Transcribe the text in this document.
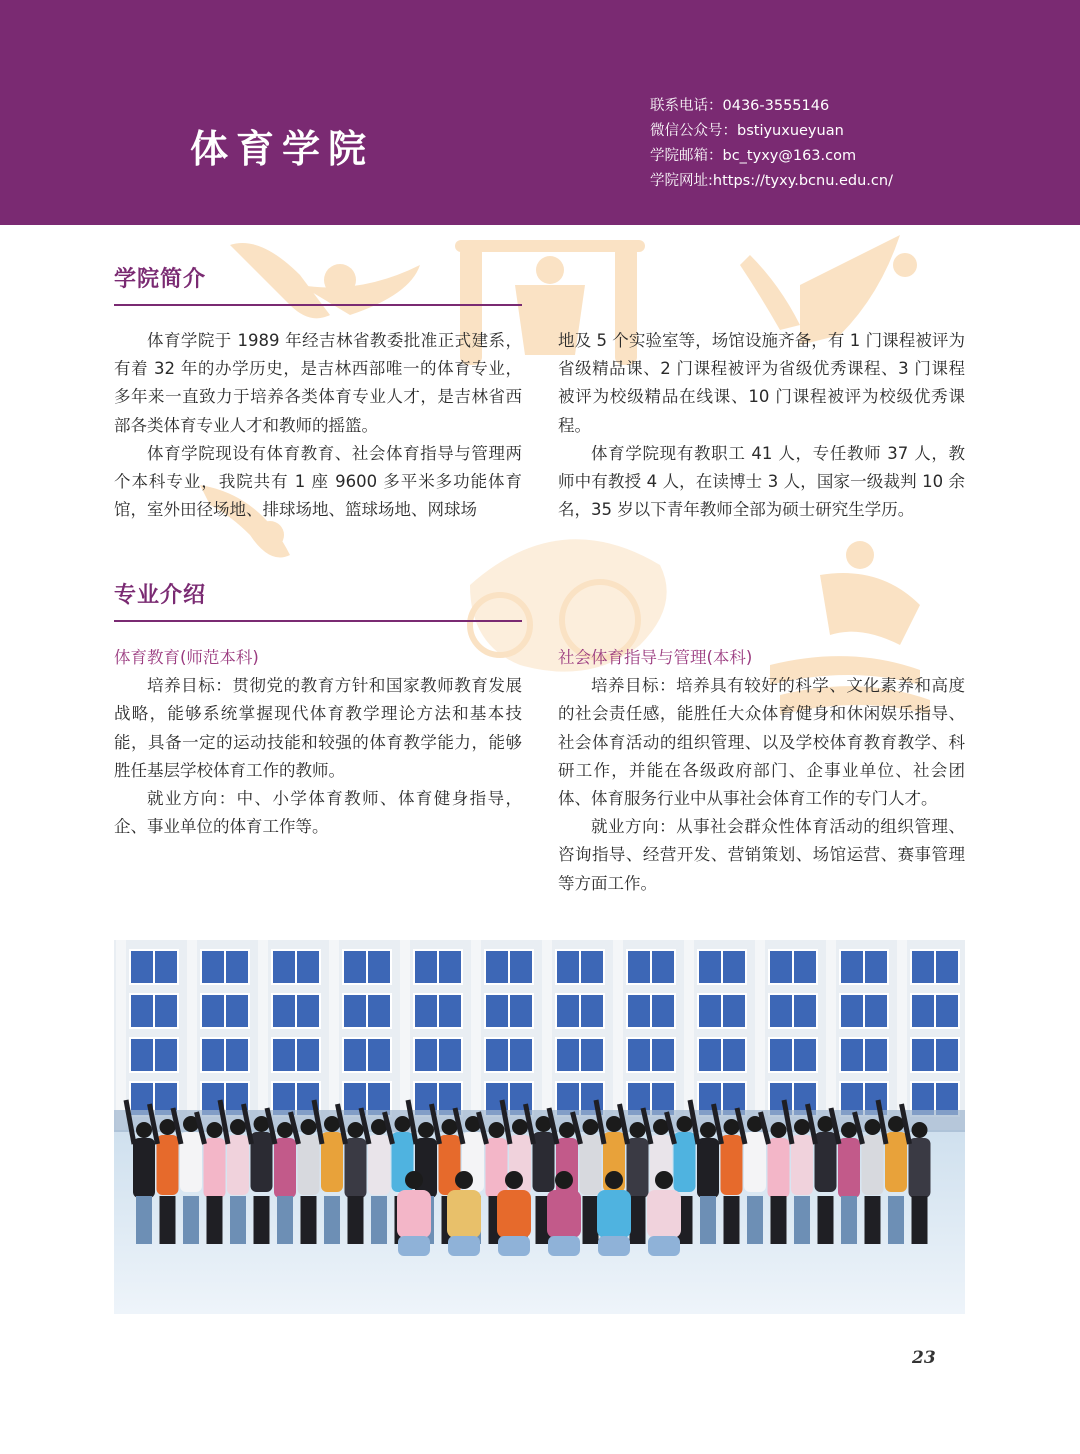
体育学院
联系电话：0436-3555146
微信公众号：bstiyuxueyuan
学院邮箱：bc_tyxy@163.com
学院网址:https://tyxy.bcnu.edu.cn/
学院简介

体育学院于 1989 年经吉林省教委批准正式建系，有着 32 年的办学历史，是吉林西部唯一的体育专业，多年来一直致力于培养各类体育专业人才，是吉林省西部各类体育专业人才和教师的摇篮。

体育学院现设有体育教育、社会体育指导与管理两个本科专业，我院共有 1 座 9600 多平米多功能体育馆，室外田径场地、排球场地、篮球场地、网球场

地及 5 个实验室等，场馆设施齐备，有 1 门课程被评为省级精品课、2 门课程被评为省级优秀课程、3 门课程被评为校级精品在线课、10 门课程被评为校级优秀课程。

体育学院现有教职工 41 人，专任教师 37 人，教师中有教授 4 人，在读博士 3 人，国家一级裁判 10 余名，35 岁以下青年教师全部为硕士研究生学历。

专业介绍

体育教育(师范本科)

培养目标：贯彻党的教育方针和国家教师教育发展战略，能够系统掌握现代体育教学理论方法和基本技能，具备一定的运动技能和较强的体育教学能力，能够胜任基层学校体育工作的教师。

就业方向：中、小学体育教师、体育健身指导，企、事业单位的体育工作等。

社会体育指导与管理(本科)

培养目标：培养具有较好的科学、文化素养和高度的社会责任感，能胜任大众体育健身和休闲娱乐指导、社会体育活动的组织管理、以及学校体育教育教学、科研工作，并能在各级政府部门、企事业单位、社会团体、体育服务行业中从事社会体育工作的专门人才。

就业方向：从事社会群众性体育活动的组织管理、咨询指导、经营开发、营销策划、场馆运营、赛事管理等方面工作。

23
